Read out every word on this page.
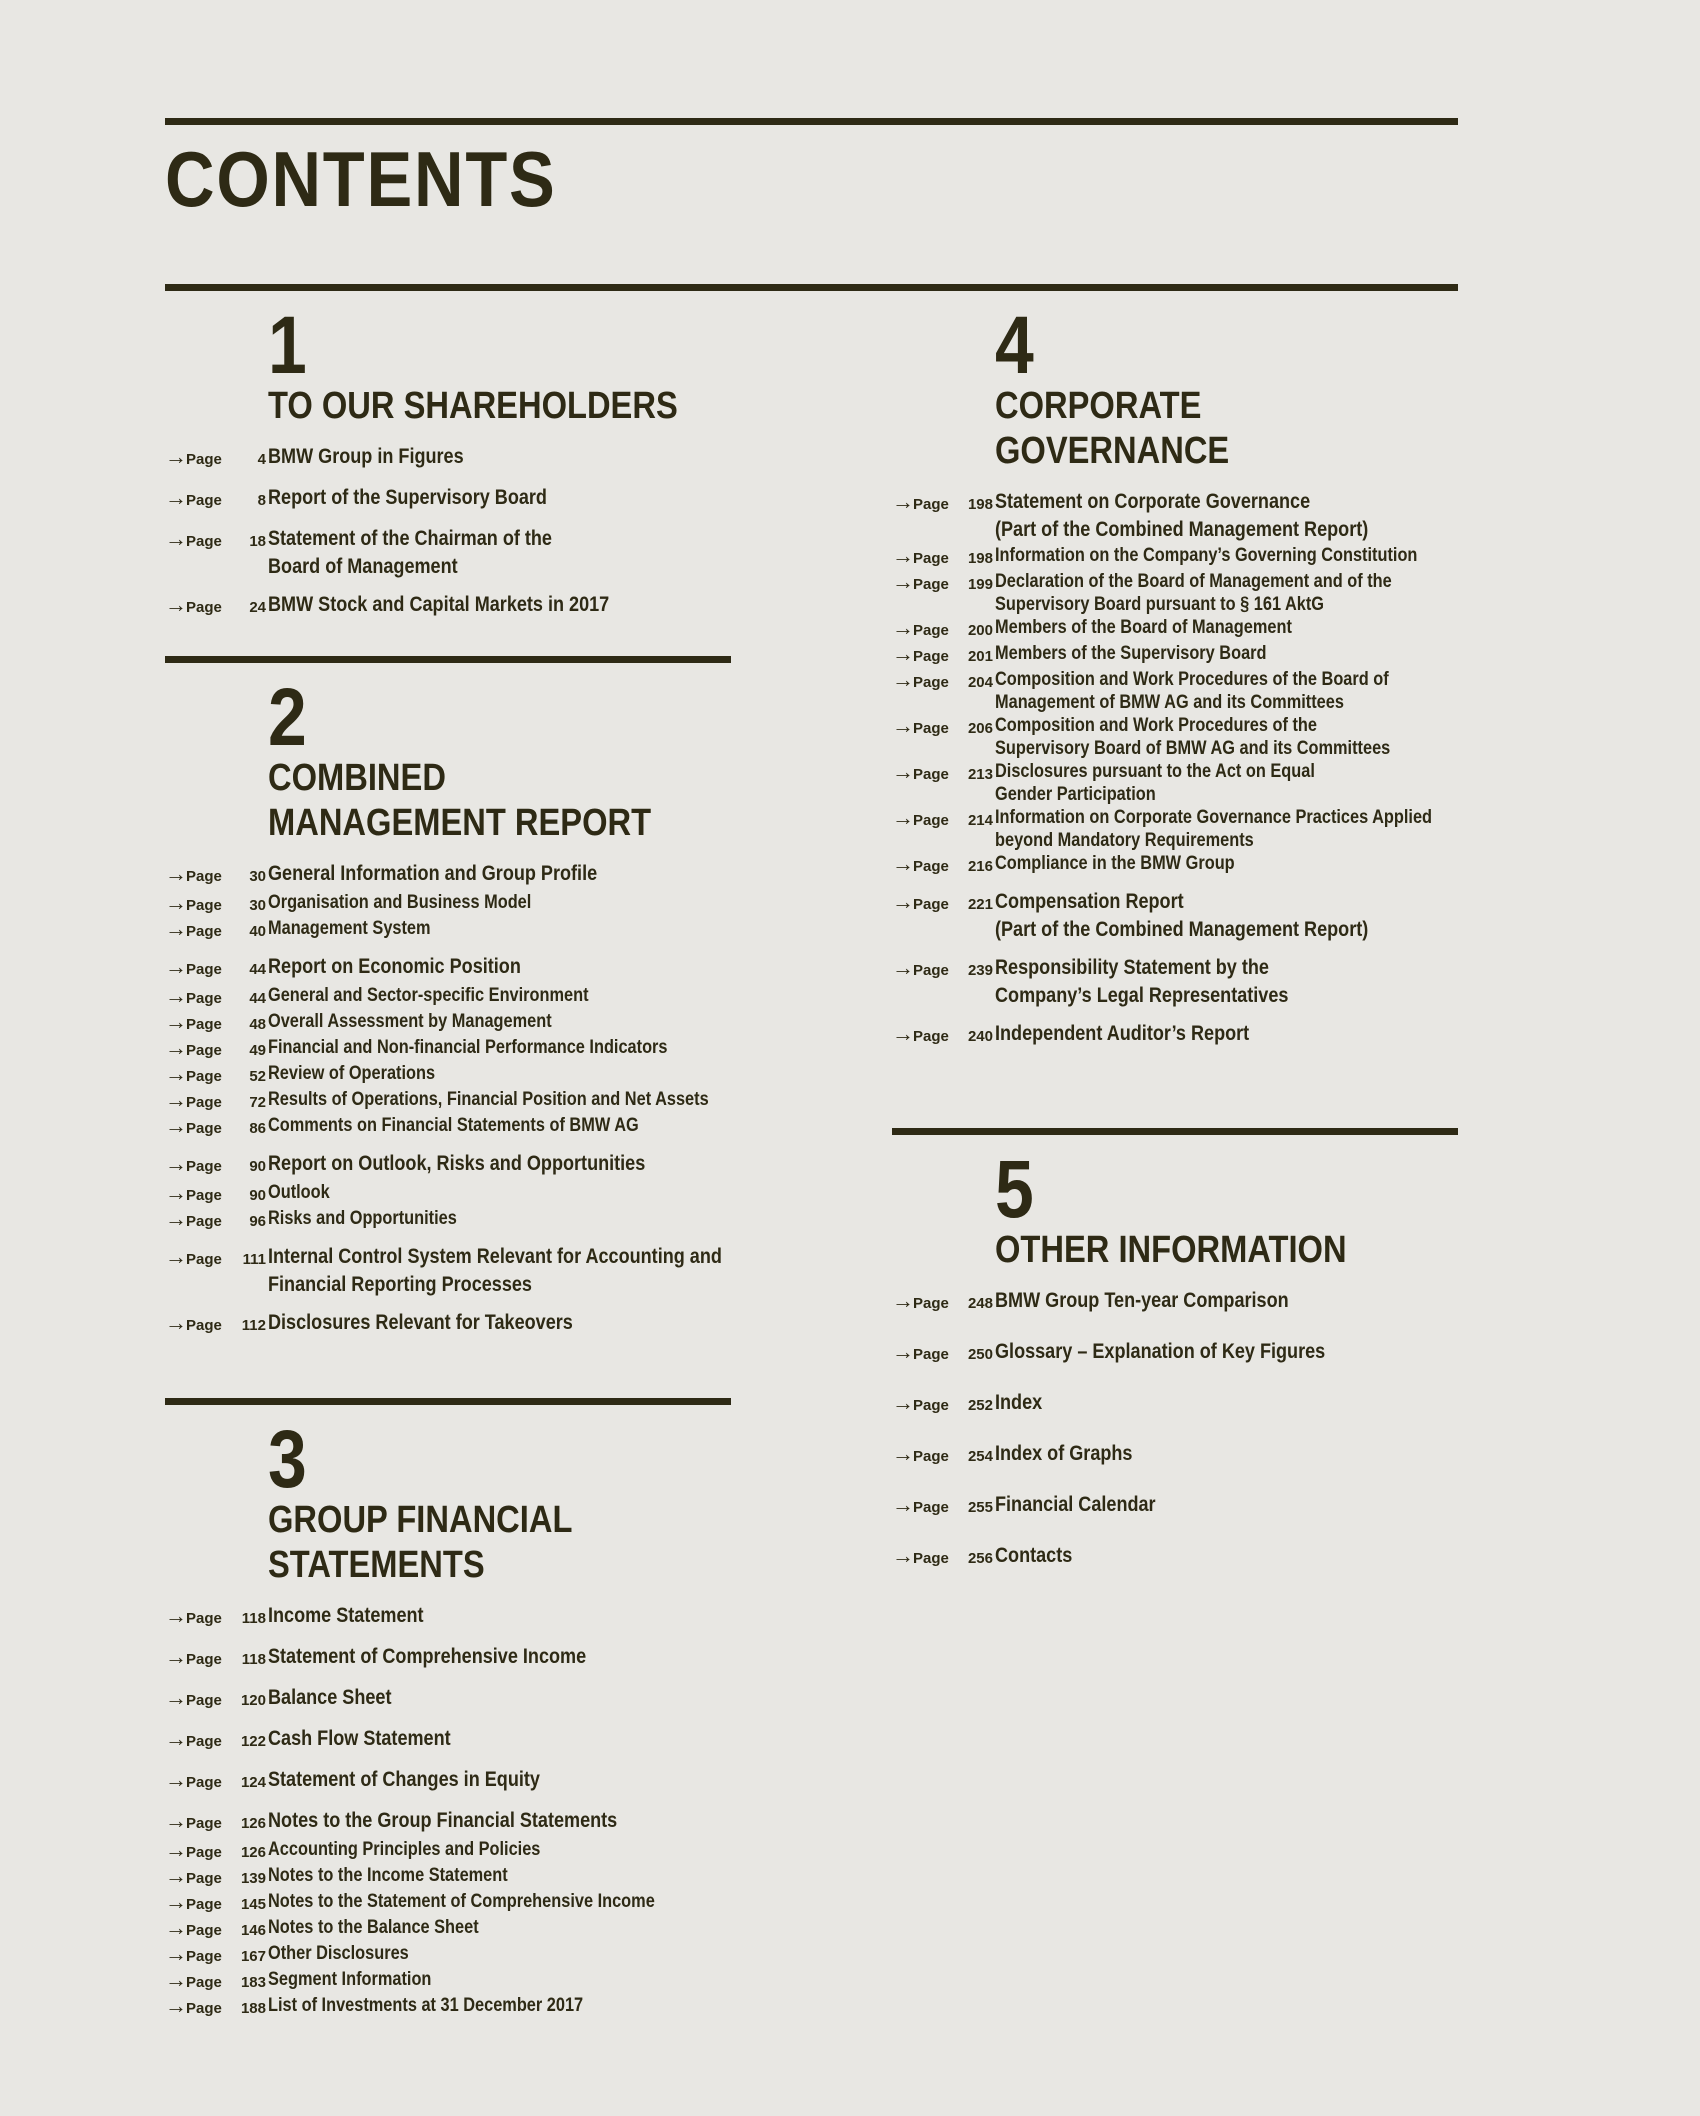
CONTENTS
1
TO OUR SHAREHOLDERS
→ Page	4 BMW Group in Figures
→ Page	8 Report of the Supervisory Board
→ Page	18 Statement of the Chairman of the
Board of Management
→ Page	24 BMW Stock and Capital Markets in 2017
2
COMBINED
MANAGEMENT REPORT
→ Page	30 General Information and Group Profile
→ Page	30 Organisation and Business Model
→ Page	40 Management System
→ Page	44 Report on Economic Position
→ Page	44 General and Sector-specific Environment
→ Page	48 Overall Assessment by Management
→ Page	49 Financial and Non-financial Performance Indicators
→ Page	52 Review of Operations
→ Page	72 Results of Operations, Financial Position and Net Assets
→ Page	86 Comments on Financial Statements of BMW AG
→ Page	90 Report on Outlook, Risks and Opportunities
→ Page	90 Outlook
→ Page	96 Risks and Opportunities
→ Page	111 Internal Control System Relevant for Accounting and
Financial Reporting Processes
→ Page	112 Disclosures Relevant for Takeovers
3
GROUP FINANCIAL
STATEMENTS
→ Page	118 Income Statement
→ Page	118 Statement of Comprehensive Income
→ Page	120 Balance Sheet
→ Page	122 Cash Flow Statement
→ Page	124 Statement of Changes in Equity
→ Page	126 Notes to the Group Financial Statements
→ Page	126 Accounting Principles and Policies
→ Page	139 Notes to the Income Statement
→ Page	145 Notes to the Statement of Comprehensive Income
→ Page	146 Notes to the Balance Sheet
→ Page	167 Other Disclosures
→ Page	183 Segment Information
→ Page	188 List of Investments at 31 December 2017
4
CORPORATE
GOVERNANCE
→ Page	198 Statement on Corporate Governance
(Part of the Combined Management Report)
→ Page	198 Information on the Company’s Governing Constitution
→ Page	199 Declaration of the Board of Management and of the
Supervisory Board pursuant to § 161 AktG
→ Page	200 Members of the Board of Management
→ Page	201 Members of the Supervisory Board
→ Page	204 Composition and Work Procedures of the Board of
Management of BMW AG and its Committees
→ Page	206 Composition and Work Procedures of the
Supervisory Board of BMW AG and its Committees
→ Page	213 Disclosures pursuant to the Act on Equal
Gender Participation
→ Page	214 Information on Corporate Governance Practices Applied
beyond Mandatory Requirements
→ Page	216 Compliance in the BMW Group
→ Page	221 Compensation Report
(Part of the Combined Management Report)
→ Page	239 Responsibility Statement by the
Company’s Legal Representatives
→ Page	240 Independent Auditor’s Report
5
OTHER INFORMATION
→ Page	248 BMW Group Ten-year Comparison
→ Page	250 Glossary – Explanation of Key Figures
→ Page	252 Index
→ Page	254 Index of Graphs
→ Page	255 Financial Calendar
→ Page	256 Contacts
